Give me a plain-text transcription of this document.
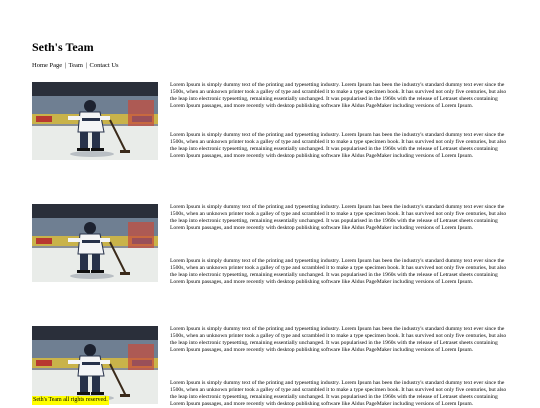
Seth's Team
Home Page | Team | Contact Us

Lorem Ipsum is simply dummy text of the printing and typesetting industry. Lorem Ipsum has been the industry's standard dummy text ever since the 1500s, when an unknown printer took a galley of type and scrambled it to make a type specimen book. It has survived not only five centuries, but also the leap into electronic typesetting, remaining essentially unchanged. It was popularised in the 1960s with the release of Letraset sheets containing Lorem Ipsum passages, and more recently with desktop publishing software like Aldus PageMaker including versions of Lorem Ipsum.

Lorem Ipsum is simply dummy text of the printing and typesetting industry. Lorem Ipsum has been the industry's standard dummy text ever since the 1500s, when an unknown printer took a galley of type and scrambled it to make a type specimen book. It has survived not only five centuries, but also the leap into electronic typesetting, remaining essentially unchanged. It was popularised in the 1960s with the release of Letraset sheets containing Lorem Ipsum passages, and more recently with desktop publishing software like Aldus PageMaker including versions of Lorem Ipsum.

Lorem Ipsum is simply dummy text of the printing and typesetting industry. Lorem Ipsum has been the industry's standard dummy text ever since the 1500s, when an unknown printer took a galley of type and scrambled it to make a type specimen book. It has survived not only five centuries, but also the leap into electronic typesetting, remaining essentially unchanged. It was popularised in the 1960s with the release of Letraset sheets containing Lorem Ipsum passages, and more recently with desktop publishing software like Aldus PageMaker including versions of Lorem Ipsum.

Lorem Ipsum is simply dummy text of the printing and typesetting industry. Lorem Ipsum has been the industry's standard dummy text ever since the 1500s, when an unknown printer took a galley of type and scrambled it to make a type specimen book. It has survived not only five centuries, but also the leap into electronic typesetting, remaining essentially unchanged. It was popularised in the 1960s with the release of Letraset sheets containing Lorem Ipsum passages, and more recently with desktop publishing software like Aldus PageMaker including versions of Lorem Ipsum.

Lorem Ipsum is simply dummy text of the printing and typesetting industry. Lorem Ipsum has been the industry's standard dummy text ever since the 1500s, when an unknown printer took a galley of type and scrambled it to make a type specimen book. It has survived not only five centuries, but also the leap into electronic typesetting, remaining essentially unchanged. It was popularised in the 1960s with the release of Letraset sheets containing Lorem Ipsum passages, and more recently with desktop publishing software like Aldus PageMaker including versions of Lorem Ipsum.

Lorem Ipsum is simply dummy text of the printing and typesetting industry. Lorem Ipsum has been the industry's standard dummy text ever since the 1500s, when an unknown printer took a galley of type and scrambled it to make a type specimen book. It has survived not only five centuries, but also the leap into electronic typesetting, remaining essentially unchanged. It was popularised in the 1960s with the release of Letraset sheets containing Lorem Ipsum passages, and more recently with desktop publishing software like Aldus PageMaker including versions of Lorem Ipsum.

Seth's Team all rights reserved.
